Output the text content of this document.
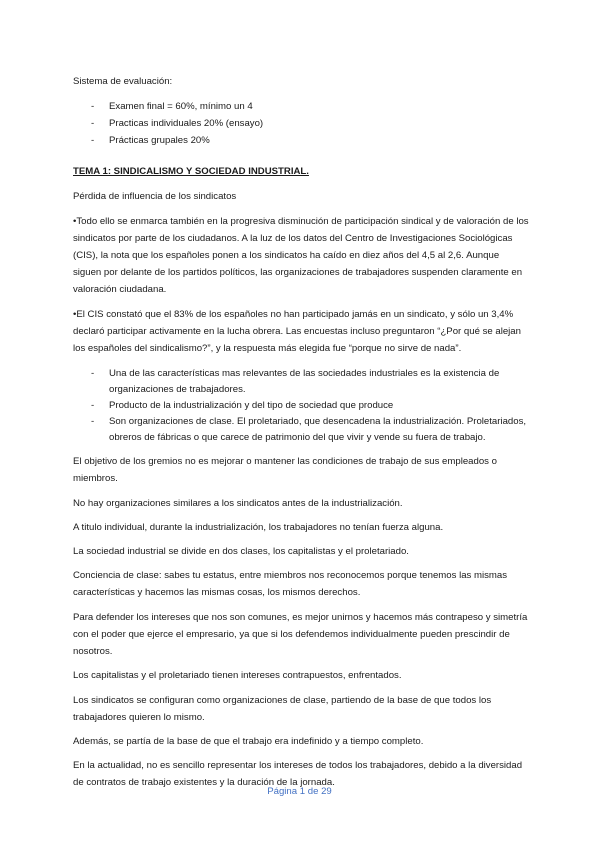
Sistema de evaluación:

- Examen final = 60%, mínimo un 4
- Practicas individuales 20% (ensayo)
- Prácticas grupales 20%

TEMA 1: SINDICALISMO Y SOCIEDAD INDUSTRIAL.

Pérdida de influencia de los sindicatos

•Todo ello se enmarca también en la progresiva disminución de participación sindical y de valoración de los sindicatos por parte de los ciudadanos. A la luz de los datos del Centro de Investigaciones Sociológicas (CIS), la nota que los españoles ponen a los sindicatos ha caído en diez años del 4,5 al 2,6. Aunque siguen por delante de los partidos políticos, las organizaciones de trabajadores suspenden claramente en valoración ciudadana.

•El CIS constató que el 83% de los españoles no han participado jamás en un sindicato, y sólo un 3,4% declaró participar activamente en la lucha obrera. Las encuestas incluso preguntaron “¿Por qué se alejan los españoles del sindicalismo?”, y la respuesta más elegida fue “porque no sirve de nada”.

- Una de las características mas relevantes de las sociedades industriales es la existencia de organizaciones de trabajadores.
- Producto de la industrialización y del tipo de sociedad que produce
- Son organizaciones de clase. El proletariado, que desencadena la industrialización. Proletariados, obreros de fábricas o que carece de patrimonio del que vivir y vende su fuera de trabajo.

El objetivo de los gremios no es mejorar o mantener las condiciones de trabajo de sus empleados o miembros.

No hay organizaciones similares a los sindicatos antes de la industrialización.

A titulo individual, durante la industrialización, los trabajadores no tenían fuerza alguna.

La sociedad industrial se divide en dos clases, los capitalistas y el proletariado.

Conciencia de clase: sabes tu estatus, entre miembros nos reconocemos porque tenemos las mismas características y hacemos las mismas cosas, los mismos derechos.

Para defender los intereses que nos son comunes, es mejor unirnos y hacemos más contrapeso y simetría con el poder que ejerce el empresario, ya que si los defendemos individualmente pueden prescindir de nosotros.

Los capitalistas y el proletariado tienen intereses contrapuestos, enfrentados.

Los sindicatos se configuran como organizaciones de clase, partiendo de la base de que todos los trabajadores quieren lo mismo.

Además, se partía de la base de que el trabajo era indefinido y a tiempo completo.

En la actualidad, no es sencillo representar los intereses de todos los trabajadores, debido a la diversidad de contratos de trabajo existentes y la duración de la jornada.

Página 1 de 29
